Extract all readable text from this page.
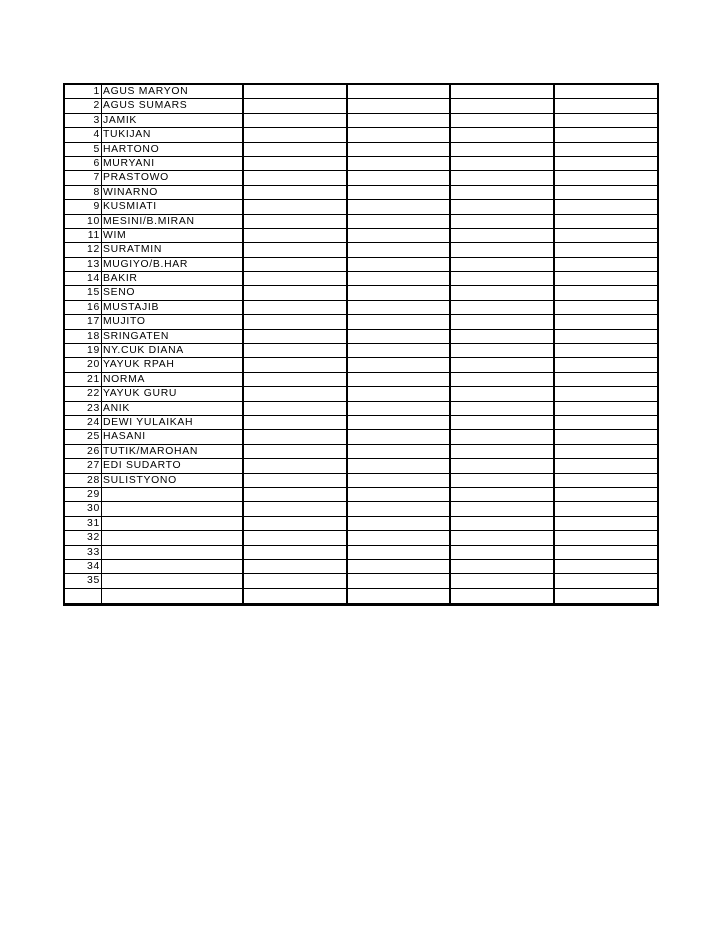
1 AGUS MARYON
2 AGUS SUMARS
3 JAMIK
4 TUKIJAN
5 HARTONO
6 MURYANI
7 PRASTOWO
8 WINARNO
9 KUSMIATI
10 MESINI/B.MIRAN
11 WIM
12 SURATMIN
13 MUGIYO/B.HAR
14 BAKIR
15 SENO
16 MUSTAJIB
17 MUJITO
18 SRINGATEN
19 NY.CUK DIANA
20 YAYUK RPAH
21 NORMA
22 YAYUK GURU
23 ANIK
24 DEWI YULAIKAH
25 HASANI
26 TUTIK/MAROHAN
27 EDI SUDARTO
28 SULISTYONO
29
30
31
32
33
34
35
